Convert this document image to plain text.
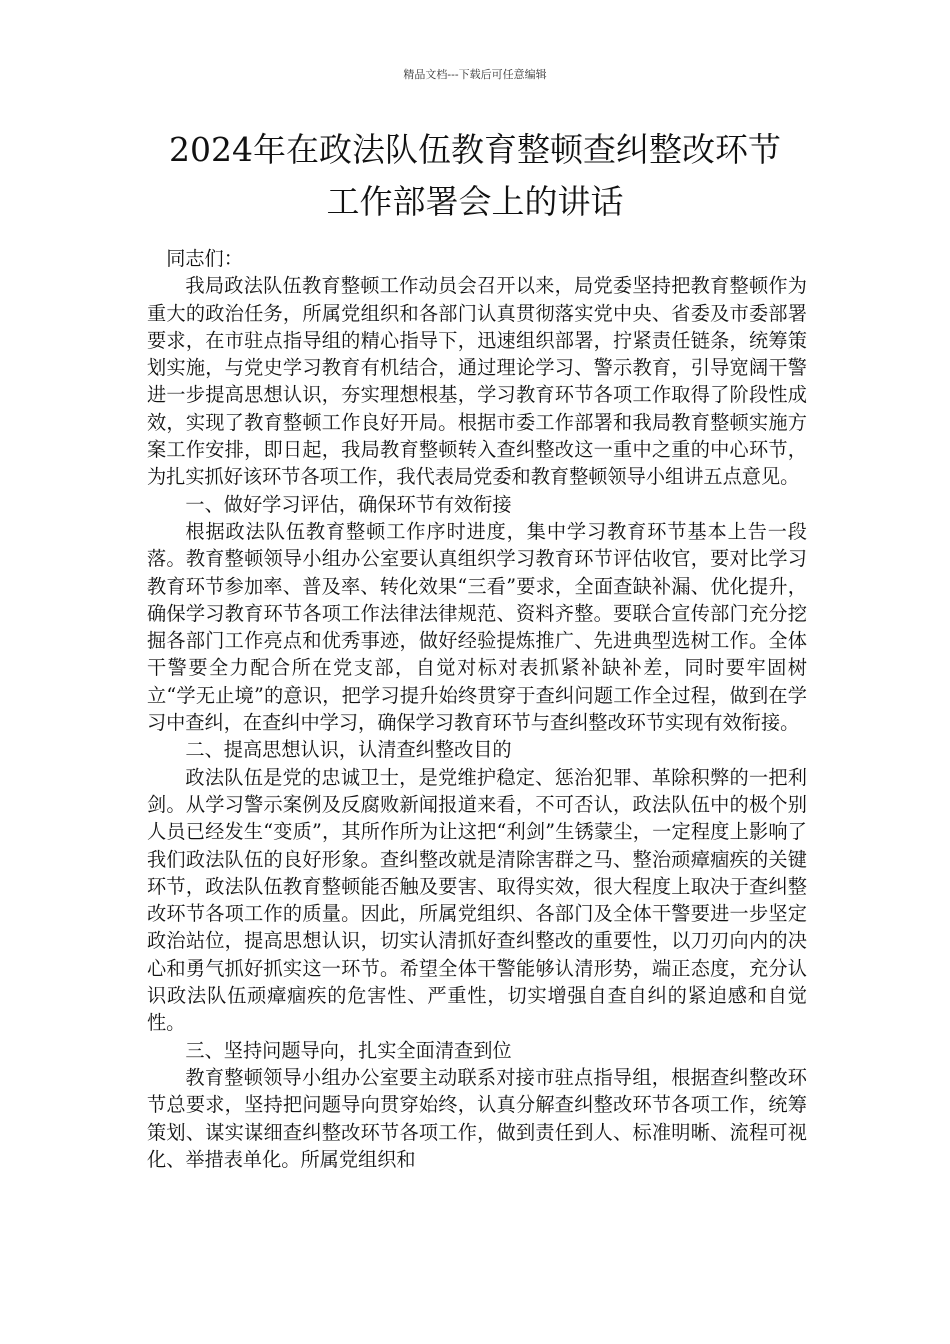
精品文档---下载后可任意编辑
2024年在政法队伍教育整顿查纠整改环节
工作部署会上的讲话

同志们：

我局政法队伍教育整顿工作动员会召开以来，局党委坚持把教育整顿作为重大的政治任务，所属党组织和各部门认真贯彻落实党中央、省委及市委部署要求，在市驻点指导组的精心指导下，迅速组织部署，拧紧责任链条，统筹策划实施，与党史学习教育有机结合，通过理论学习、警示教育，引导宽阔干警进一步提高思想认识，夯实理想根基，学习教育环节各项工作取得了阶段性成效，实现了教育整顿工作良好开局。根据市委工作部署和我局教育整顿实施方案工作安排，即日起，我局教育整顿转入查纠整改这一重中之重的中心环节，为扎实抓好该环节各项工作，我代表局党委和教育整顿领导小组讲五点意见。

一、做好学习评估，确保环节有效衔接

根据政法队伍教育整顿工作序时进度，集中学习教育环节基本上告一段落。教育整顿领导小组办公室要认真组织学习教育环节评估收官，要对比学习教育环节参加率、普及率、转化效果“三看”要求，全面查缺补漏、优化提升，确保学习教育环节各项工作法律法律规范、资料齐整。要联合宣传部门充分挖掘各部门工作亮点和优秀事迹，做好经验提炼推广、先进典型选树工作。全体干警要全力配合所在党支部，自觉对标对表抓紧补缺补差，同时要牢固树立“学无止境”的意识，把学习提升始终贯穿于查纠问题工作全过程，做到在学习中查纠，在查纠中学习，确保学习教育环节与查纠整改环节实现有效衔接。

二、提高思想认识，认清查纠整改目的

政法队伍是党的忠诚卫士，是党维护稳定、惩治犯罪、革除积弊的一把利剑。从学习警示案例及反腐败新闻报道来看，不可否认，政法队伍中的极个别人员已经发生“变质”，其所作所为让这把“利剑”生锈蒙尘，一定程度上影响了我们政法队伍的良好形象。查纠整改就是清除害群之马、整治顽瘴痼疾的关键环节，政法队伍教育整顿能否触及要害、取得实效，很大程度上取决于查纠整改环节各项工作的质量。因此，所属党组织、各部门及全体干警要进一步坚定政治站位，提高思想认识，切实认清抓好查纠整改的重要性，以刀刃向内的决心和勇气抓好抓实这一环节。希望全体干警能够认清形势，端正态度，充分认识政法队伍顽瘴痼疾的危害性、严重性，切实增强自查自纠的紧迫感和自觉性。

三、坚持问题导向，扎实全面清查到位

教育整顿领导小组办公室要主动联系对接市驻点指导组，根据查纠整改环节总要求，坚持把问题导向贯穿始终，认真分解查纠整改环节各项工作，统筹策划、谋实谋细查纠整改环节各项工作，做到责任到人、标准明晰、流程可视化、举措表单化。所属党组织和
